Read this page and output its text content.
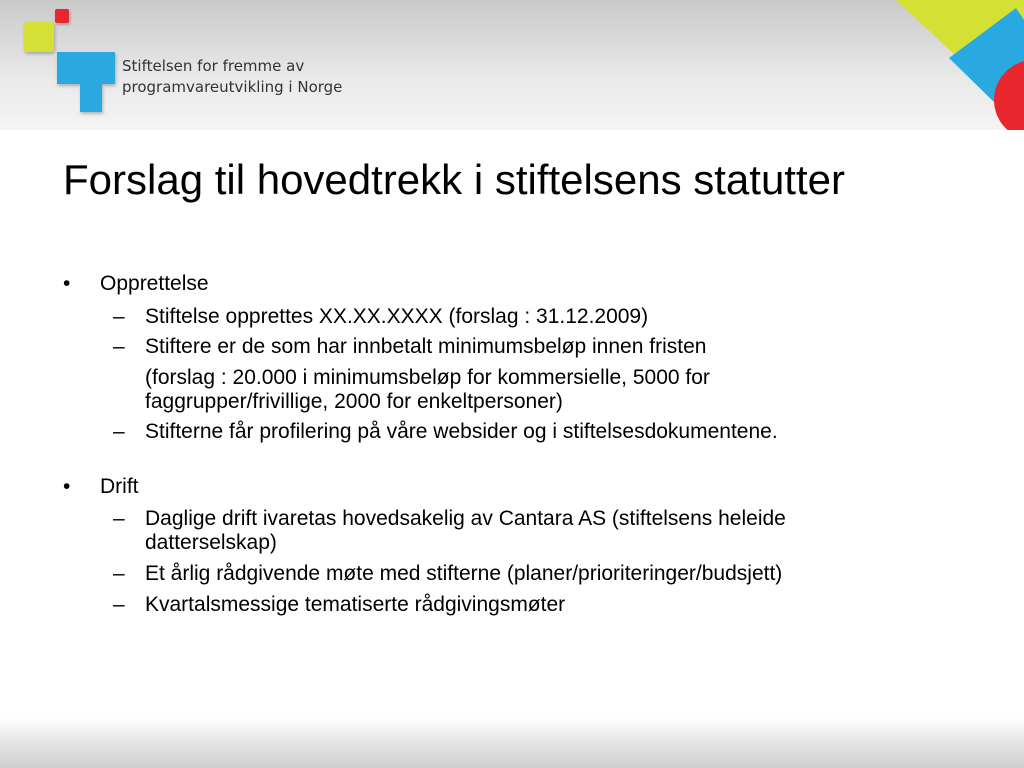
Stiftelsen for fremme av
programvareutvikling i Norge
Forslag til hovedtrekk i stiftelsens statutter
• Opprettelse
– Stiftelse opprettes XX.XX.XXXX (forslag : 31.12.2009)
– Stiftere er de som har innbetalt minimumsbeløp innen fristen
(forslag : 20.000 i minimumsbeløp for kommersielle, 5000 for
faggrupper/frivillige, 2000 for enkeltpersoner)
– Stifterne får profilering på våre websider og i stiftelsesdokumentene.
• Drift
– Daglige drift ivaretas hovedsakelig av Cantara AS (stiftelsens heleide
datterselskap)
– Et årlig rådgivende møte med stifterne (planer/prioriteringer/budsjett)
– Kvartalsmessige tematiserte rådgivingsmøter
